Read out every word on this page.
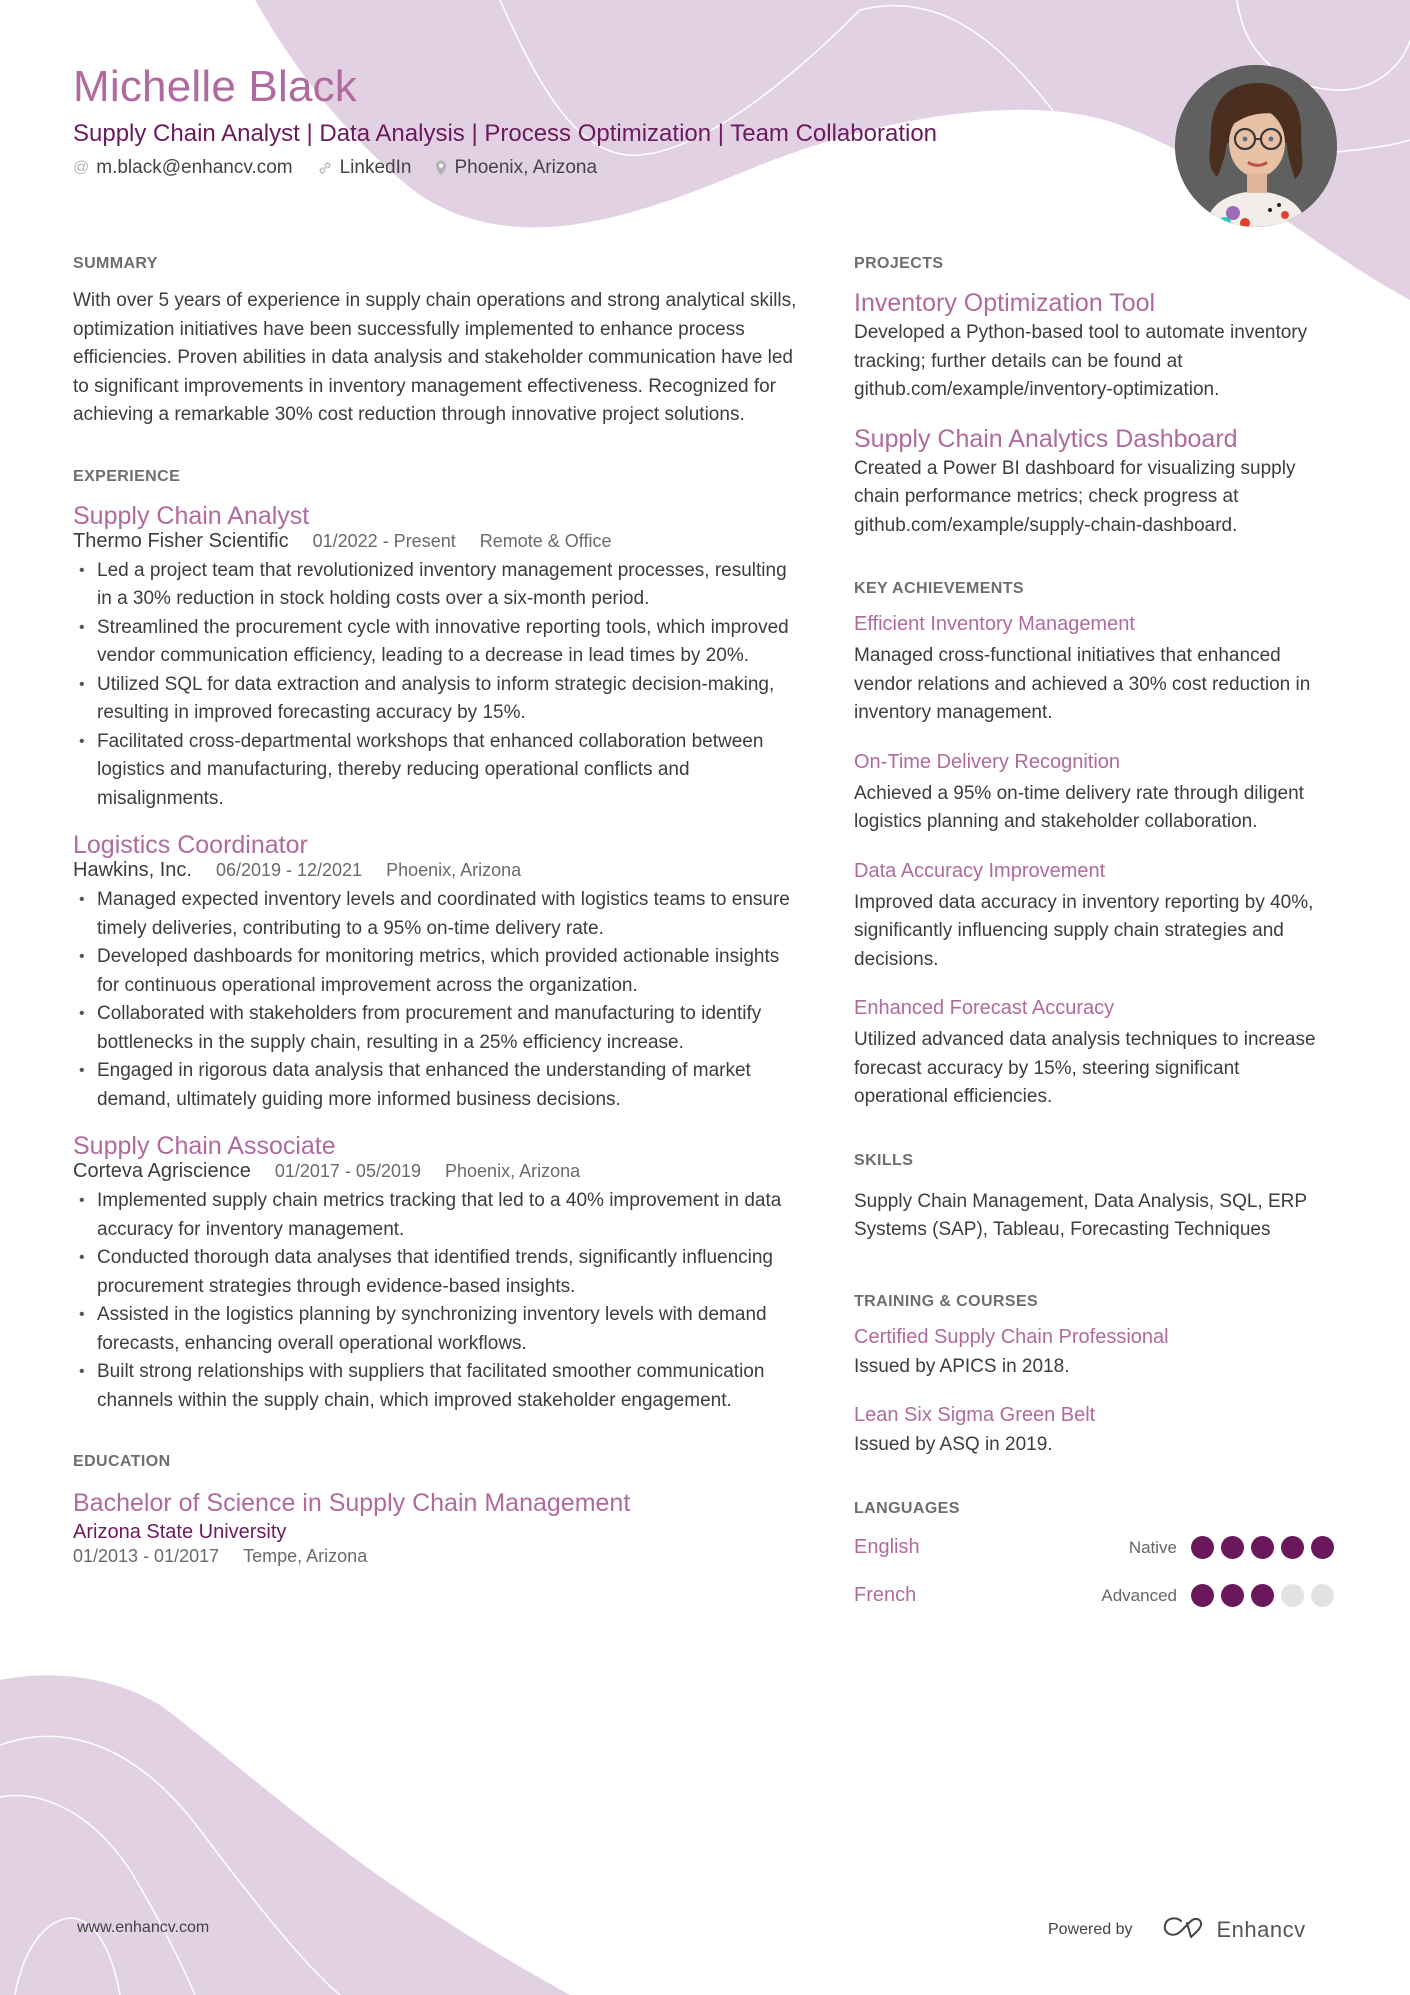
Michelle Black
Supply Chain Analyst | Data Analysis | Process Optimization | Team Collaboration
@ m.black@enhancv.com LinkedIn Phoenix, Arizona
SUMMARY
With over 5 years of experience in supply chain operations and strong analytical skills, optimization initiatives have been successfully implemented to enhance process efficiencies. Proven abilities in data analysis and stakeholder communication have led to significant improvements in inventory management effectiveness. Recognized for achieving a remarkable 30% cost reduction through innovative project solutions.
EXPERIENCE
Supply Chain Analyst
Thermo Fisher Scientific 01/2022 - Present Remote & Office
• Led a project team that revolutionized inventory management processes, resulting in a 30% reduction in stock holding costs over a six-month period.
• Streamlined the procurement cycle with innovative reporting tools, which improved vendor communication efficiency, leading to a decrease in lead times by 20%.
• Utilized SQL for data extraction and analysis to inform strategic decision-making, resulting in improved forecasting accuracy by 15%.
• Facilitated cross-departmental workshops that enhanced collaboration between logistics and manufacturing, thereby reducing operational conflicts and misalignments.
Logistics Coordinator
Hawkins, Inc. 06/2019 - 12/2021 Phoenix, Arizona
• Managed expected inventory levels and coordinated with logistics teams to ensure timely deliveries, contributing to a 95% on-time delivery rate.
• Developed dashboards for monitoring metrics, which provided actionable insights for continuous operational improvement across the organization.
• Collaborated with stakeholders from procurement and manufacturing to identify bottlenecks in the supply chain, resulting in a 25% efficiency increase.
• Engaged in rigorous data analysis that enhanced the understanding of market demand, ultimately guiding more informed business decisions.
Supply Chain Associate
Corteva Agriscience 01/2017 - 05/2019 Phoenix, Arizona
• Implemented supply chain metrics tracking that led to a 40% improvement in data accuracy for inventory management.
• Conducted thorough data analyses that identified trends, significantly influencing procurement strategies through evidence-based insights.
• Assisted in the logistics planning by synchronizing inventory levels with demand forecasts, enhancing overall operational workflows.
• Built strong relationships with suppliers that facilitated smoother communication channels within the supply chain, which improved stakeholder engagement.
EDUCATION
Bachelor of Science in Supply Chain Management
Arizona State University
01/2013 - 01/2017 Tempe, Arizona
PROJECTS
Inventory Optimization Tool
Developed a Python-based tool to automate inventory tracking; further details can be found at github.com/example/inventory-optimization.
Supply Chain Analytics Dashboard
Created a Power BI dashboard for visualizing supply chain performance metrics; check progress at github.com/example/supply-chain-dashboard.
KEY ACHIEVEMENTS
Efficient Inventory Management
Managed cross-functional initiatives that enhanced vendor relations and achieved a 30% cost reduction in inventory management.
On-Time Delivery Recognition
Achieved a 95% on-time delivery rate through diligent logistics planning and stakeholder collaboration.
Data Accuracy Improvement
Improved data accuracy in inventory reporting by 40%, significantly influencing supply chain strategies and decisions.
Enhanced Forecast Accuracy
Utilized advanced data analysis techniques to increase forecast accuracy by 15%, steering significant operational efficiencies.
SKILLS
Supply Chain Management, Data Analysis, SQL, ERP Systems (SAP), Tableau, Forecasting Techniques
TRAINING & COURSES
Certified Supply Chain Professional
Issued by APICS in 2018.
Lean Six Sigma Green Belt
Issued by ASQ in 2019.
LANGUAGES
English	Native
French	Advanced
www.enhancv.com	Powered by	Enhancv
